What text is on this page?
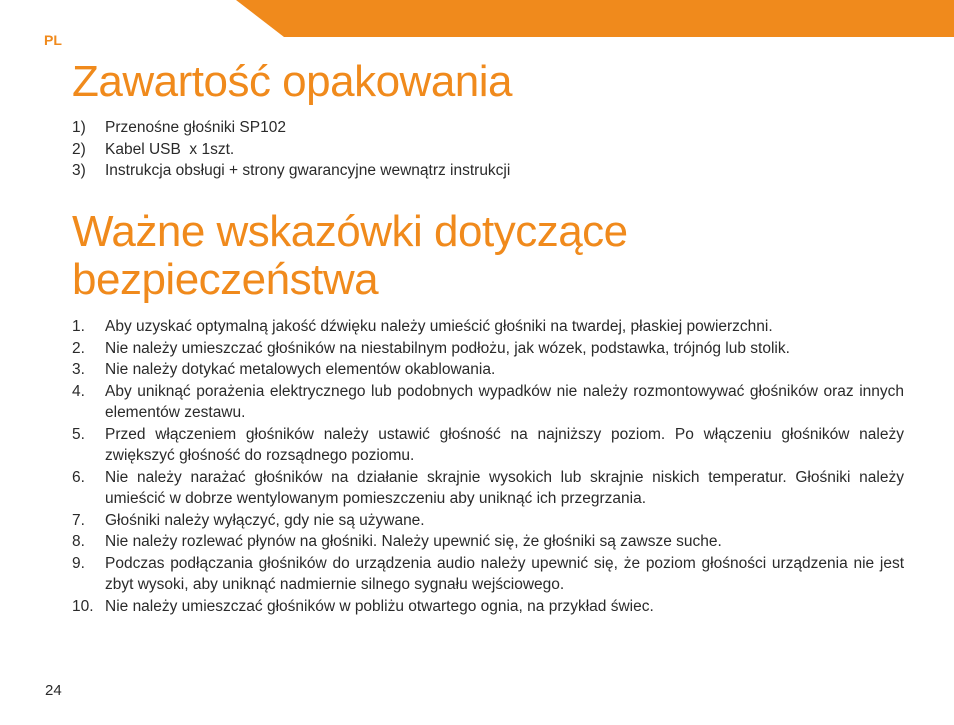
PL
Zawartość opakowania
1) Przenośne głośniki SP102
2) Kabel USB  x 1szt.
3) Instrukcja obsługi + strony gwarancyjne wewnątrz instrukcji
Ważne wskazówki dotyczące bezpieczeństwa
1. Aby uzyskać optymalną jakość dźwięku należy umieścić głośniki na twardej, płaskiej powierzchni.
2. Nie należy umieszczać głośników na niestabilnym podłożu, jak wózek, podstawka, trójnóg lub stolik.
3. Nie należy dotykać metalowych elementów okablowania.
4. Aby uniknąć porażenia elektrycznego lub podobnych wypadków nie należy rozmontowywać głośników oraz innych elementów zestawu.
5. Przed włączeniem głośników należy ustawić głośność na najniższy poziom. Po włączeniu głośników należy zwiększyć głośność do rozsądnego poziomu.
6. Nie należy narażać głośników na działanie skrajnie wysokich lub skrajnie niskich temperatur. Głośniki należy umieścić w dobrze wentylowanym pomieszczeniu aby uniknąć ich przegrzania.
7. Głośniki należy wyłączyć, gdy nie są używane.
8. Nie należy rozlewać płynów na głośniki. Należy upewnić się, że głośniki są zawsze suche.
9. Podczas podłączania głośników do urządzenia audio należy upewnić się, że poziom głośności urządzenia nie jest zbyt wysoki, aby uniknąć nadmiernie silnego sygnału wejściowego.
10. Nie należy umieszczać głośników w pobliżu otwartego ognia, na przykład świec.
24
